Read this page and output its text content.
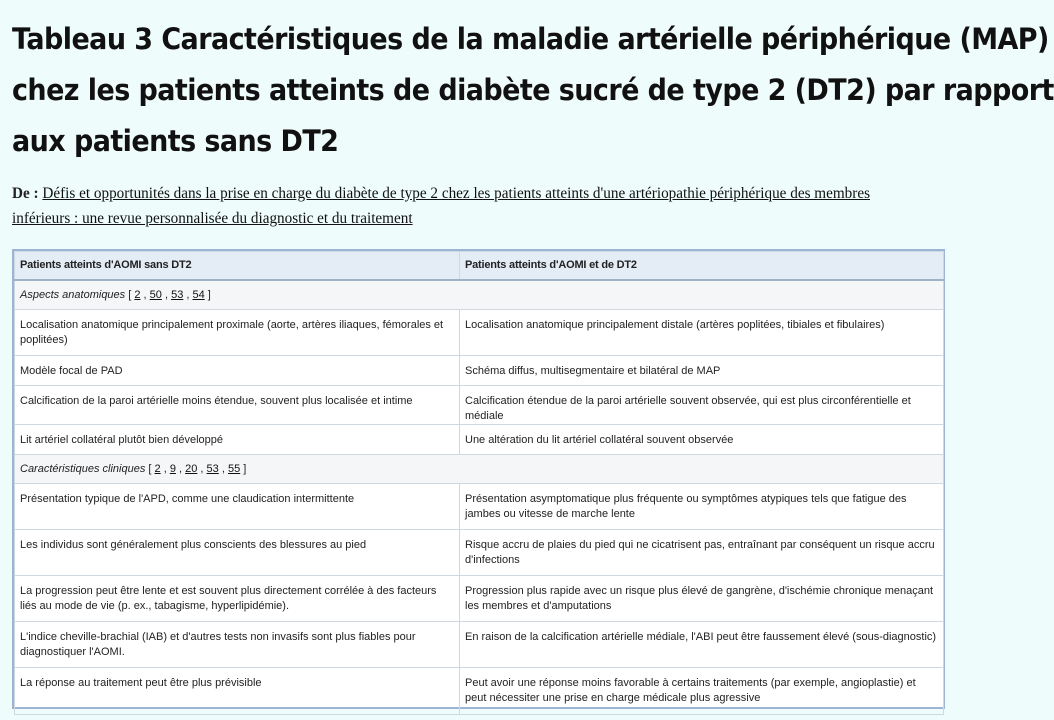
Tableau 3 Caractéristiques de la maladie artérielle périphérique (MAP)
chez les patients atteints de diabète sucré de type 2 (DT2) par rapport
aux patients sans DT2
De : Défis et opportunités dans la prise en charge du diabète de type 2 chez les patients atteints d'une artériopathie périphérique des membres inférieurs : une revue personnalisée du diagnostic et du traitement
Patients atteints d'AOMI sans DT2	Patients atteints d'AOMI et de DT2
Aspects anatomiques [ 2 , 50 , 53 , 54 ]	
Localisation anatomique principalement proximale (aorte, artères iliaques, fémorales et poplitées)	Localisation anatomique principalement distale (artères poplitées, tibiales et fibulaires)
Modèle focal de PAD	Schéma diffus, multisegmentaire et bilatéral de MAP
Calcification de la paroi artérielle moins étendue, souvent plus localisée et intime	Calcification étendue de la paroi artérielle souvent observée, qui est plus circonférentielle et médiale
Lit artériel collatéral plutôt bien développé	Une altération du lit artériel collatéral souvent observée
Caractéristiques cliniques [ 2 , 9 , 20 , 53 , 55 ]	
Présentation typique de l'APD, comme une claudication intermittente	Présentation asymptomatique plus fréquente ou symptômes atypiques tels que fatigue des jambes ou vitesse de marche lente
Les individus sont généralement plus conscients des blessures au pied	Risque accru de plaies du pied qui ne cicatrisent pas, entraînant par conséquent un risque accru d'infections
La progression peut être lente et est souvent plus directement corrélée à des facteurs liés au mode de vie (p. ex., tabagisme, hyperlipidémie).	Progression plus rapide avec un risque plus élevé de gangrène, d'ischémie chronique menaçant les membres et d'amputations
L'indice cheville-brachial (IAB) et d'autres tests non invasifs sont plus fiables pour diagnostiquer l'AOMI.	En raison de la calcification artérielle médiale, l'ABI peut être faussement élevé (sous-diagnostic)
La réponse au traitement peut être plus prévisible	Peut avoir une réponse moins favorable à certains traitements (par exemple, angioplastie) et peut nécessiter une prise en charge médicale plus agressive
